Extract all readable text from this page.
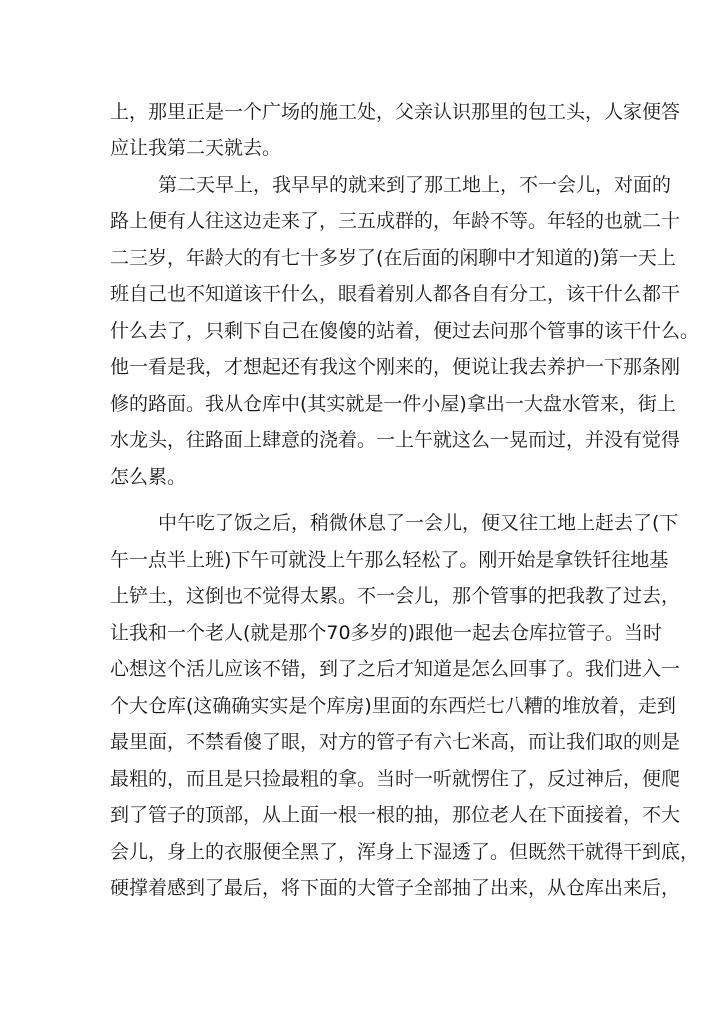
上，那里正是一个广场的施工处，父亲认识那里的包工头，人家便答
应让我第二天就去。
第二天早上，我早早的就来到了那工地上，不一会儿，对面的
路上便有人往这边走来了，三五成群的，年龄不等。年轻的也就二十
二三岁，年龄大的有七十多岁了(在后面的闲聊中才知道的)第一天上
班自己也不知道该干什么，眼看着别人都各自有分工，该干什么都干
什么去了，只剩下自己在傻傻的站着，便过去问那个管事的该干什么。
他一看是我，才想起还有我这个刚来的，便说让我去养护一下那条刚
修的路面。我从仓库中(其实就是一件小屋)拿出一大盘水管来，街上
水龙头，往路面上肆意的浇着。一上午就这么一晃而过，并没有觉得
怎么累。
中午吃了饭之后，稍微休息了一会儿，便又往工地上赶去了(下
午一点半上班)下午可就没上午那么轻松了。刚开始是拿铁钎往地基
上铲土，这倒也不觉得太累。不一会儿，那个管事的把我教了过去，
让我和一个老人(就是那个70多岁的)跟他一起去仓库拉管子。当时
心想这个活儿应该不错，到了之后才知道是怎么回事了。我们进入一
个大仓库(这确确实实是个库房)里面的东西烂七八糟的堆放着，走到
最里面，不禁看傻了眼，对方的管子有六七米高，而让我们取的则是
最粗的，而且是只捡最粗的拿。当时一听就愣住了，反过神后，便爬
到了管子的顶部，从上面一根一根的抽，那位老人在下面接着，不大
会儿，身上的衣服便全黑了，浑身上下湿透了。但既然干就得干到底，
硬撑着感到了最后，将下面的大管子全部抽了出来，从仓库出来后，
